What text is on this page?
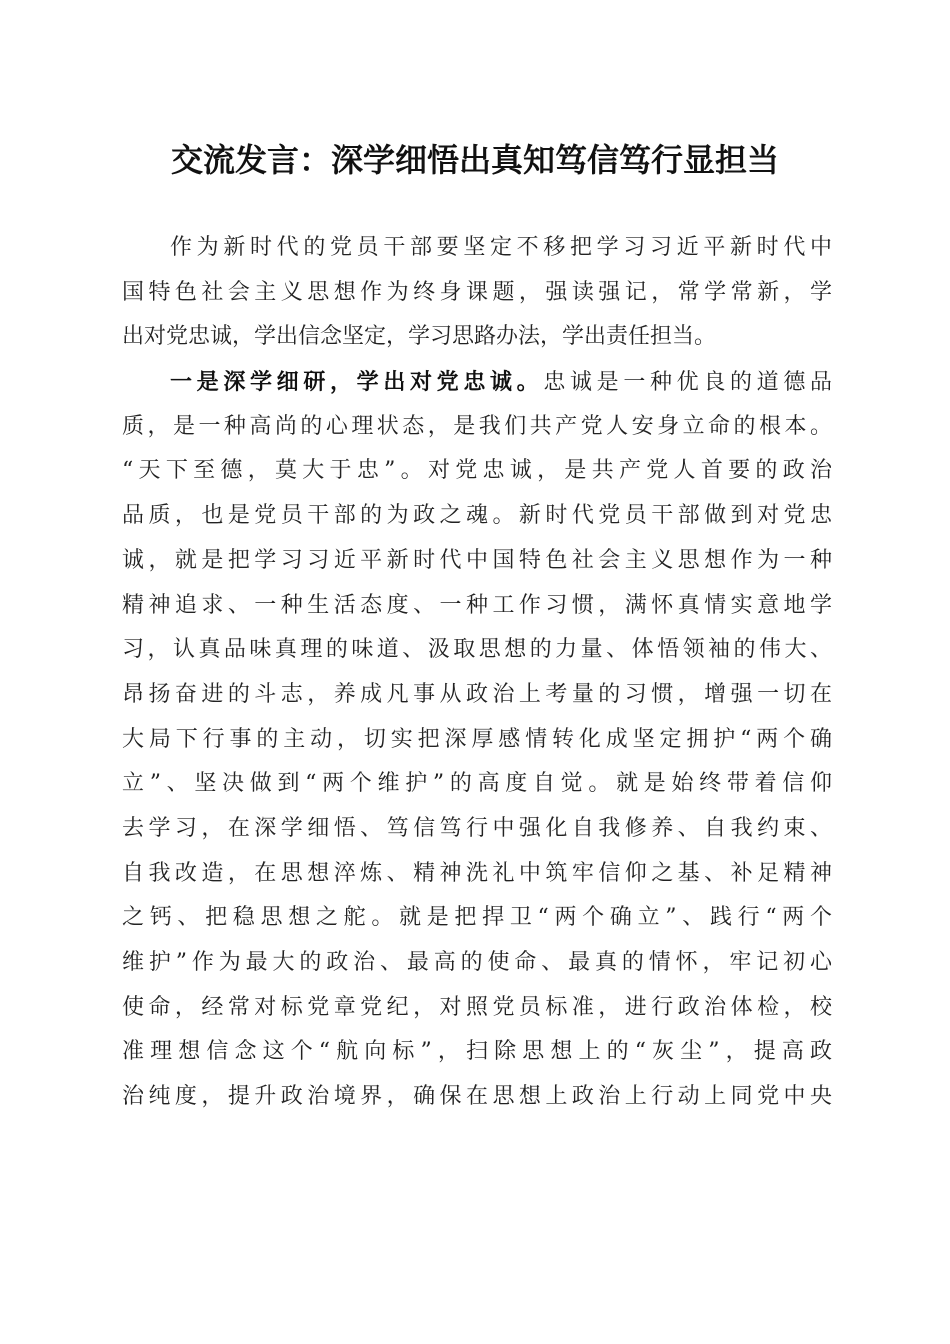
交流发言：深学细悟出真知笃信笃行显担当
作为新时代的党员干部要坚定不移把学习习近平新时代中
国特色社会主义思想作为终身课题，强读强记，常学常新，学
出对党忠诚，学出信念坚定，学习思路办法，学出责任担当。
一是深学细研，学出对党忠诚。忠诚是一种优良的道德品
质，是一种高尚的心理状态，是我们共产党人安身立命的根本。
“天下至德，莫大于忠”。对党忠诚，是共产党人首要的政治
品质，也是党员干部的为政之魂。新时代党员干部做到对党忠
诚，就是把学习习近平新时代中国特色社会主义思想作为一种
精神追求、一种生活态度、一种工作习惯，满怀真情实意地学
习，认真品味真理的味道、汲取思想的力量、体悟领袖的伟大、
昂扬奋进的斗志，养成凡事从政治上考量的习惯，增强一切在
大局下行事的主动，切实把深厚感情转化成坚定拥护“两个确
立”、坚决做到“两个维护”的高度自觉。就是始终带着信仰
去学习，在深学细悟、笃信笃行中强化自我修养、自我约束、
自我改造，在思想淬炼、精神洗礼中筑牢信仰之基、补足精神
之钙、把稳思想之舵。就是把捍卫“两个确立”、践行“两个
维护”作为最大的政治、最高的使命、最真的情怀，牢记初心
使命，经常对标党章党纪，对照党员标准，进行政治体检，校
准理想信念这个“航向标”，扫除思想上的“灰尘”，提高政
治纯度，提升政治境界，确保在思想上政治上行动上同党中央
